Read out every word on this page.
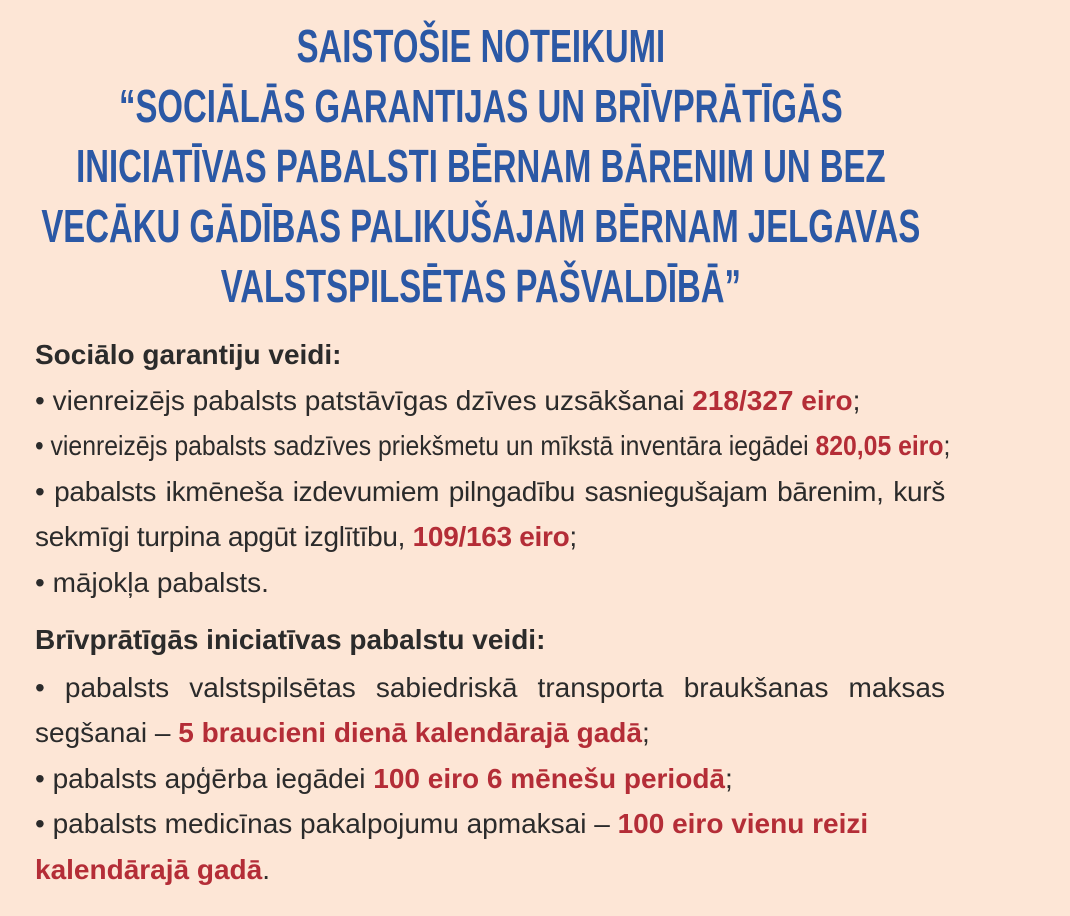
SAISTOŠIE NOTEIKUMI
“SOCIĀLĀS GARANTIJAS UN BRĪVPRĀTĪGĀS
INICIATĪVAS PABALSTI BĒRNAM BĀRENIM UN BEZ
VECĀKU GĀDĪBAS PALIKUŠAJAM BĒRNAM JELGAVAS
VALSTSPILSĒTAS PAŠVALDĪBĀ”
Sociālo garantiju veidi:
• vienreizējs pabalsts patstāvīgas dzīves uzsākšanai 218/327 eiro;
• vienreizējs pabalsts sadzīves priekšmetu un mīkstā inventāra iegādei 820,05 eiro;
• pabalsts ikmēneša izdevumiem pilngadību sasniegušajam bārenim, kurš sekmīgi turpina apgūt izglītību, 109/163 eiro;
• mājokļa pabalsts.
Brīvprātīgās iniciatīvas pabalstu veidi:
• pabalsts valstspilsētas sabiedriskā transporta braukšanas maksas segšanai – 5 braucieni dienā kalendārajā gadā;
• pabalsts apģērba iegādei 100 eiro 6 mēnešu periodā;
• pabalsts medicīnas pakalpojumu apmaksai – 100 eiro vienu reizi kalendārajā gadā.
